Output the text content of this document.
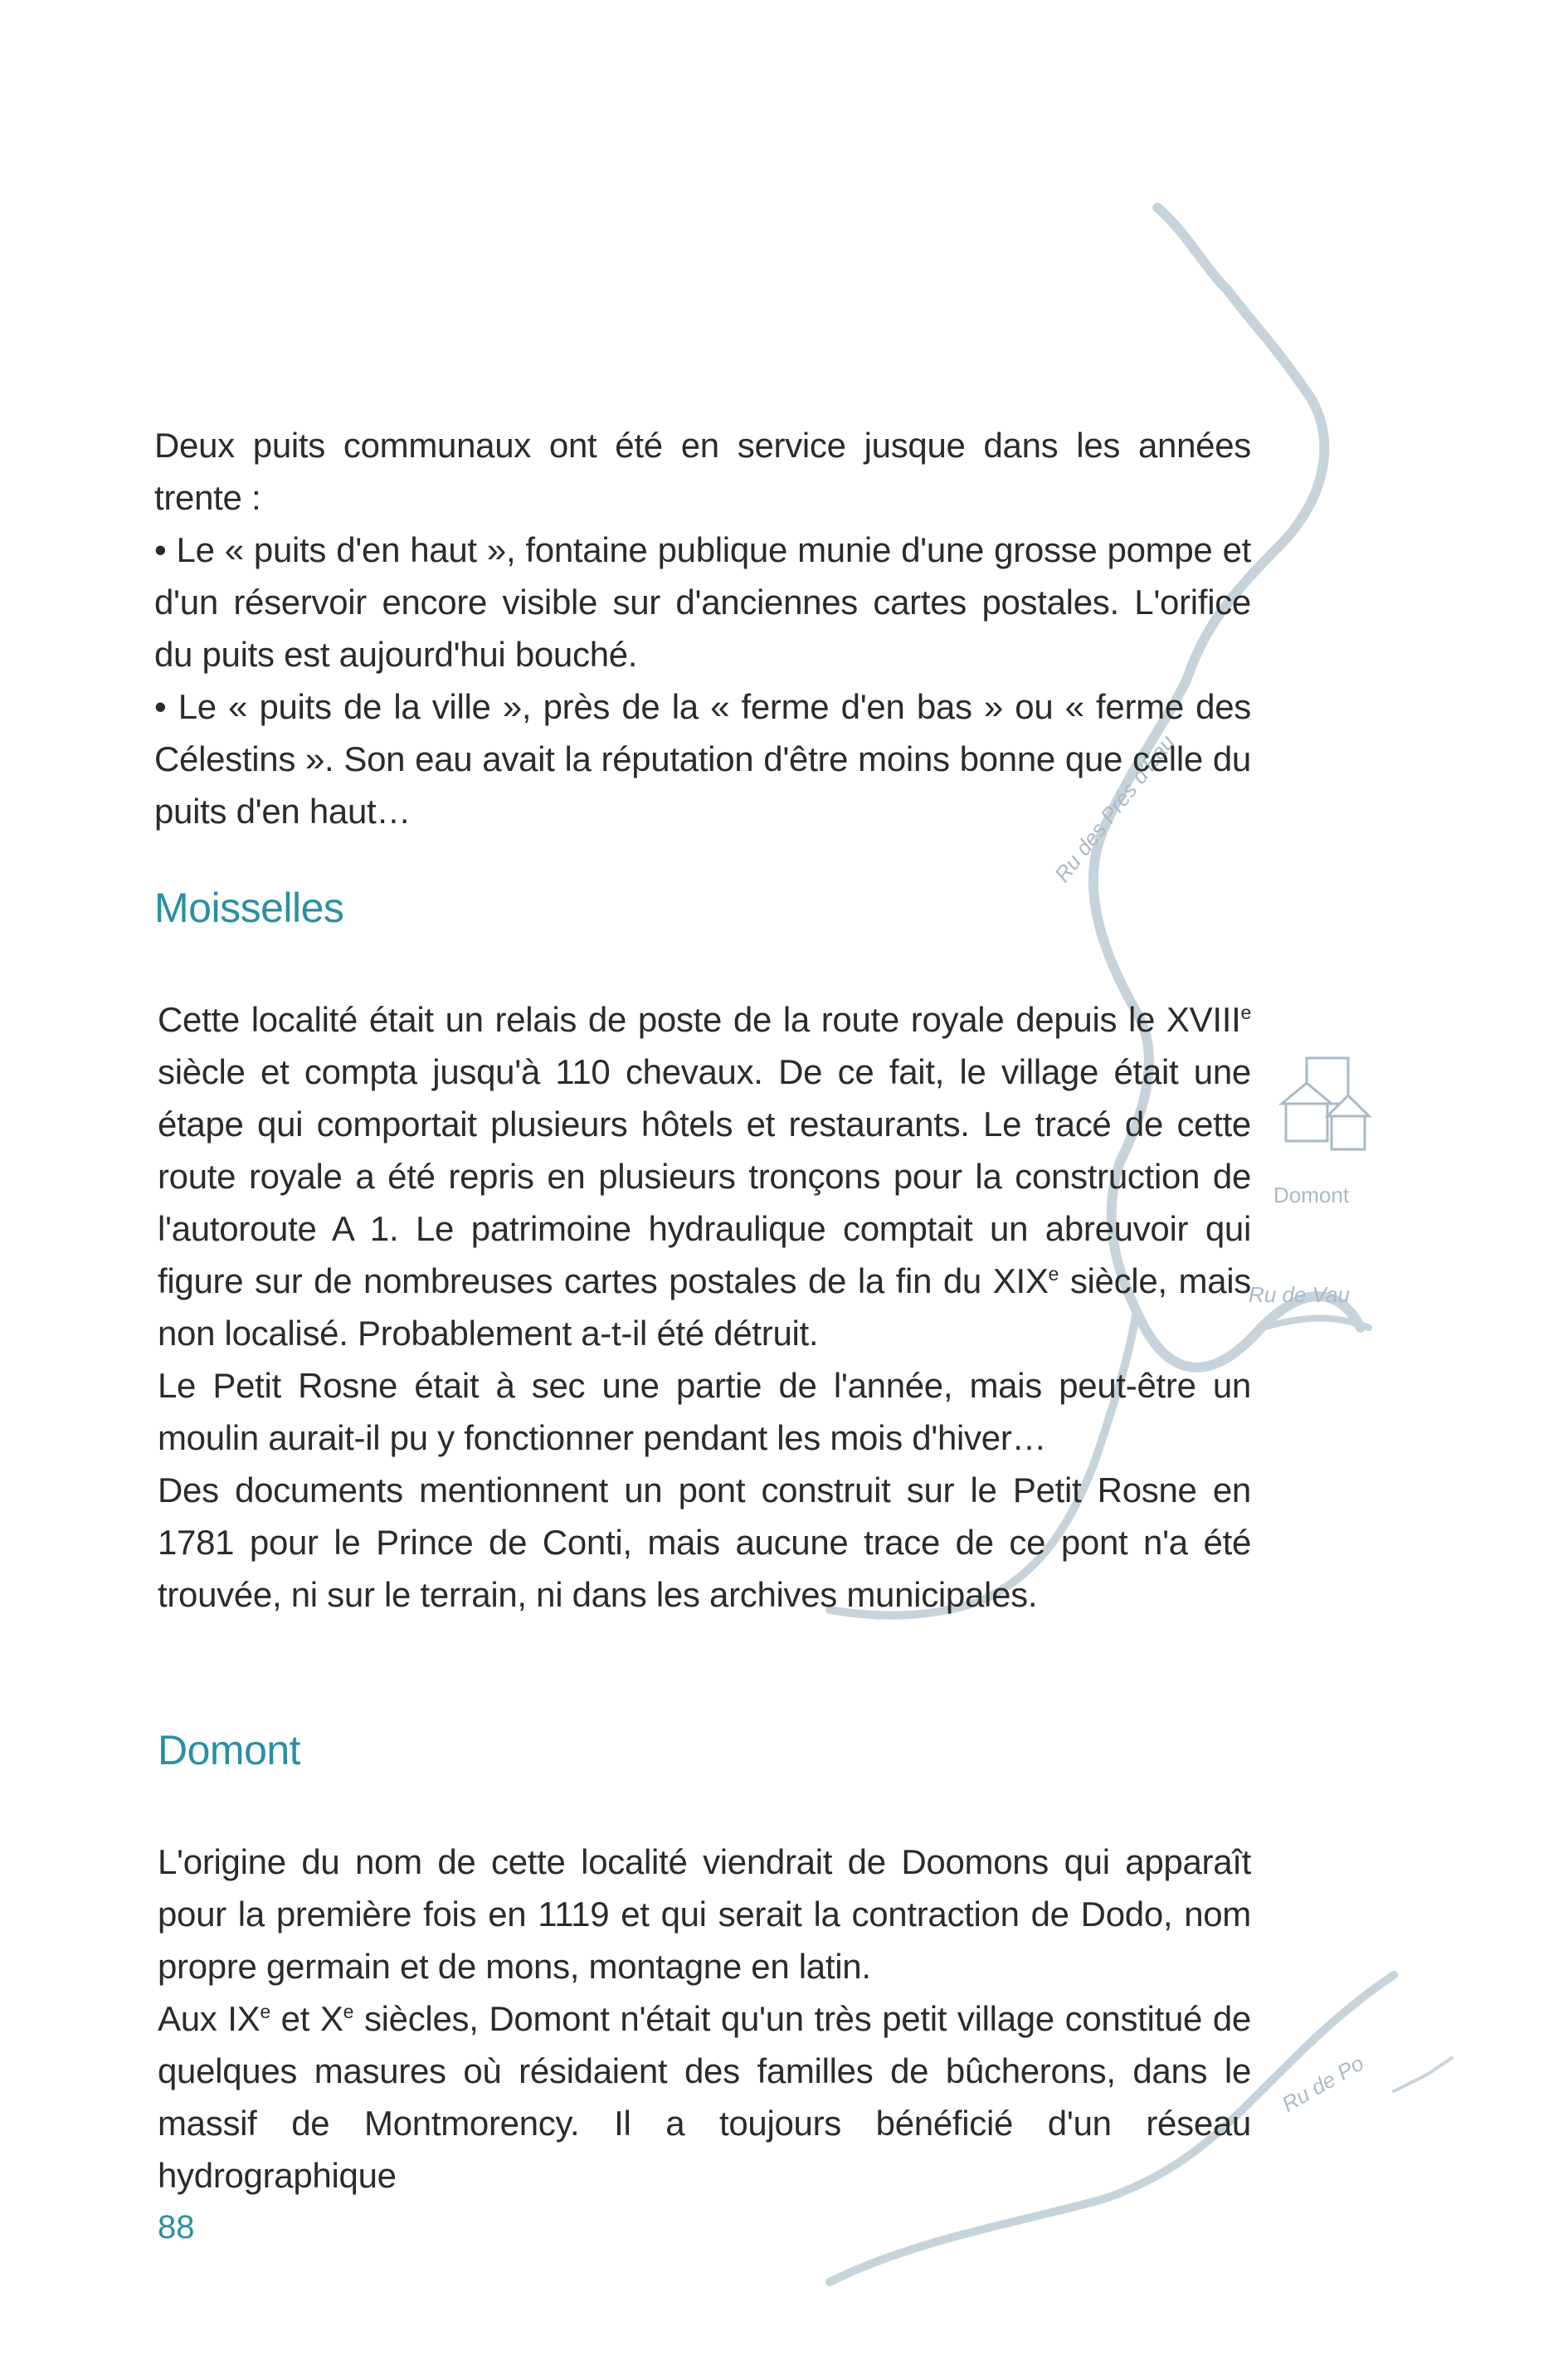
Ru des Prés d'Eau
Domont
Ru de Vau
Ru de Po

Deux puits communaux ont été en service jusque dans les années trente :

• Le « puits d'en haut », fontaine publique munie d'une grosse pompe et d'un réservoir encore visible sur d'anciennes cartes postales. L'orifice du puits est aujourd'hui bouché.

• Le « puits de la ville », près de la « ferme d'en bas » ou « ferme des Célestins ». Son eau avait la réputation d'être moins bonne que celle du puits d'en haut…

Moisselles

Cette localité était un relais de poste de la route royale depuis le XVIIIe siècle et compta jusqu'à 110 chevaux. De ce fait, le village était une étape qui comportait plusieurs hôtels et restaurants. Le tracé de cette route royale a été repris en plusieurs tronçons pour la construction de l'autoroute A 1. Le patrimoine hydraulique comptait un abreuvoir qui figure sur de nombreuses cartes postales de la fin du XIXe siècle, mais non localisé. Probablement a-t-il été détruit.

Le Petit Rosne était à sec une partie de l'année, mais peut-être un moulin aurait-il pu y fonctionner pendant les mois d'hiver…

Des documents mentionnent un pont construit sur le Petit Rosne en 1781 pour le Prince de Conti, mais aucune trace de ce pont n'a été trouvée, ni sur le terrain, ni dans les archives municipales.

Domont

L'origine du nom de cette localité viendrait de Doomons qui apparaît pour la première fois en 1119 et qui serait la contraction de Dodo, nom propre germain et de mons, montagne en latin.

Aux IXe et Xe siècles, Domont n'était qu'un très petit village constitué de quelques masures où résidaient des familles de bûcherons, dans le massif de Montmorency. Il a toujours bénéficié d'un réseau hydrographique

88
